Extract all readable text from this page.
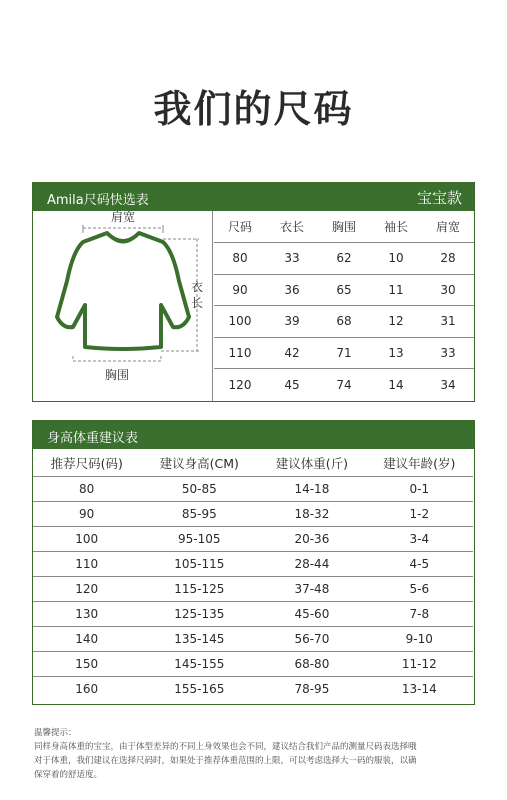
我们的尺码
Amila尺码快选表	宝宝款
肩宽
衣
长
胸围
尺码	衣长	胸围	袖长	肩宽
80	33	62	10	28
90	36	65	11	30
100	39	68	12	31
110	42	71	13	33
120	45	74	14	34
身高体重建议表
推荐尺码(码)	建议身高(CM)	建议体重(斤)	建议年龄(岁)
80	50-85	14-18	0-1
90	85-95	18-32	1-2
100	95-105	20-36	3-4
110	105-115	28-44	4-5
120	115-125	37-48	5-6
130	125-135	45-60	7-8
140	135-145	56-70	9-10
150	145-155	68-80	11-12
160	155-165	78-95	13-14
温馨提示：
同样身高体重的宝宝，由于体型差异的不同上身效果也会不同，建议结合我们产品的测量尺码表选择哦
对于体重，我们建议在选择尺码时，如果处于推荐体重范围的上限，可以考虑选择大一码的服装，以确
保穿着的舒适度。
